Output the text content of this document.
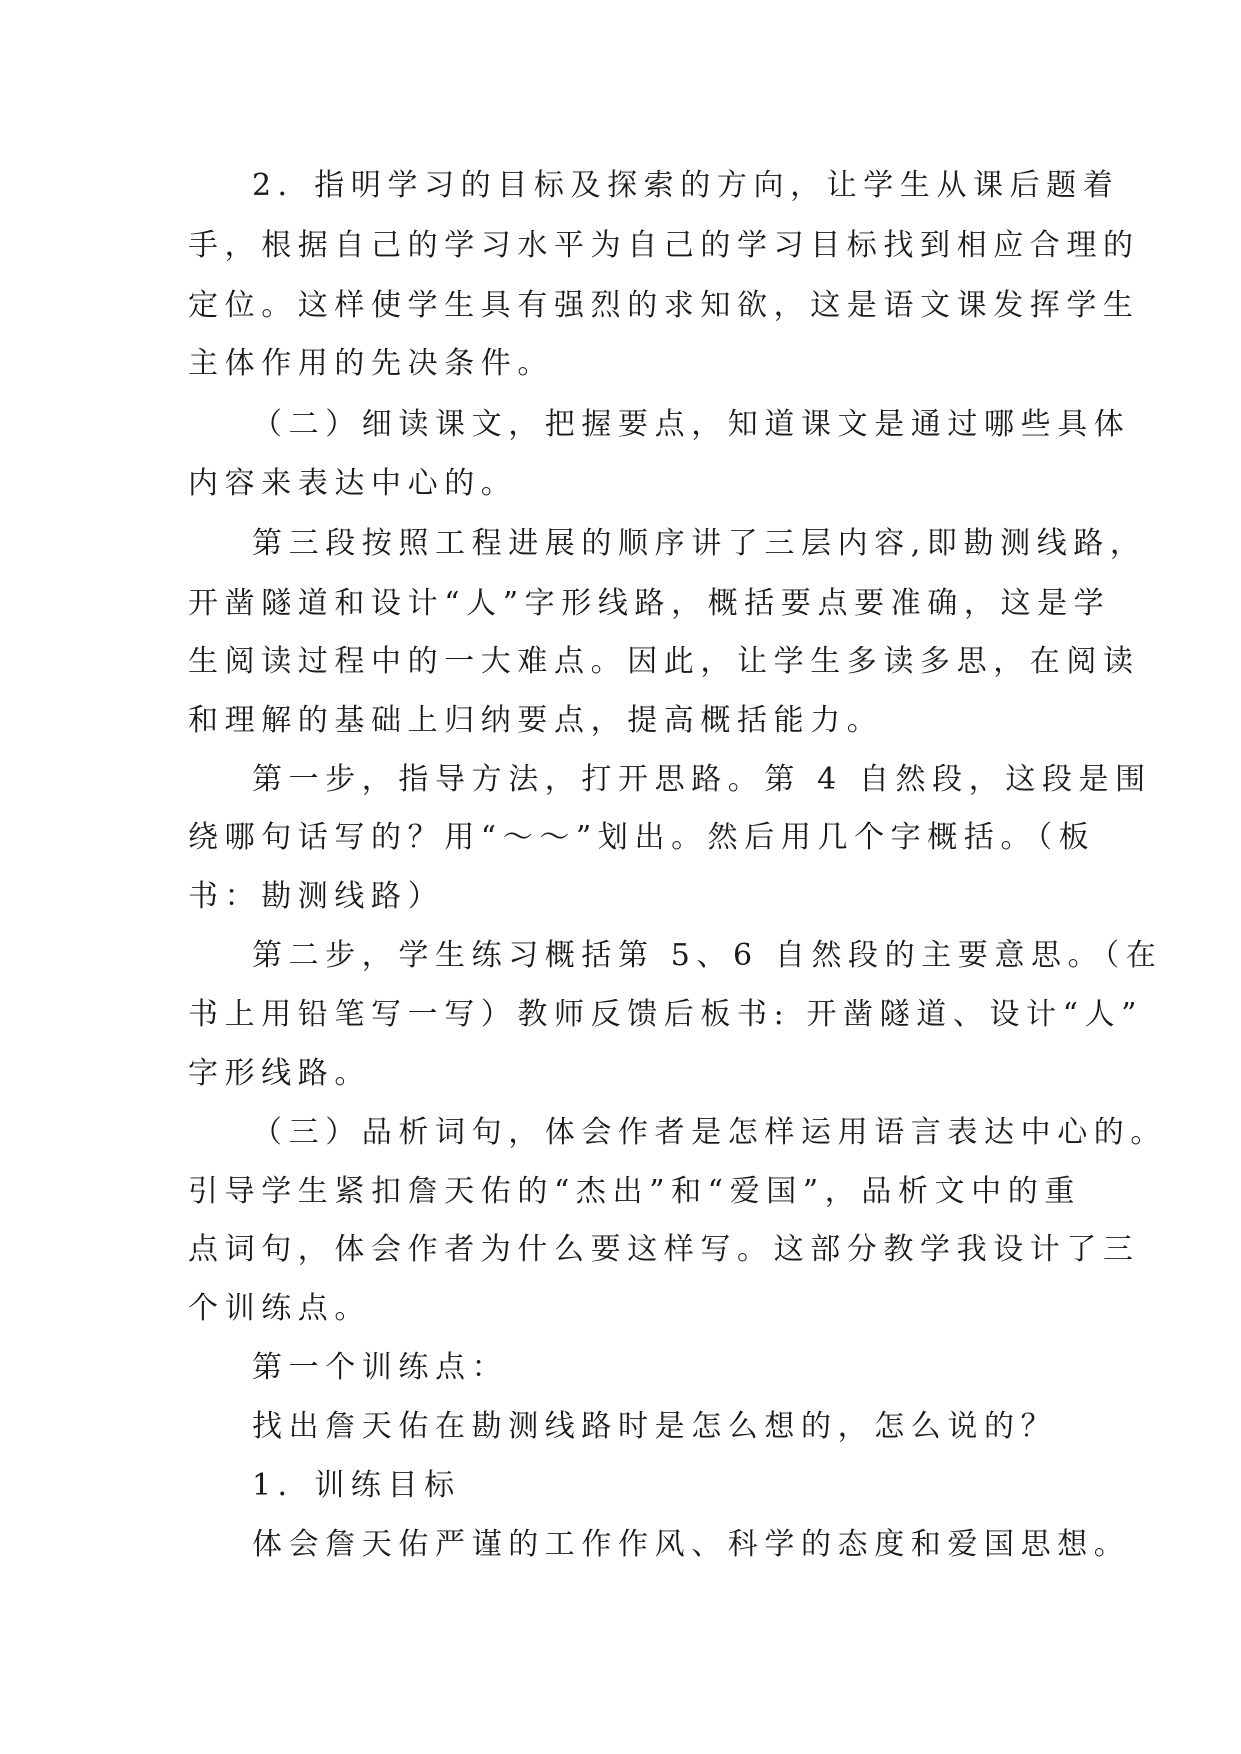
2．指明学习的目标及探索的方向，让学生从课后题着
手，根据自己的学习水平为自己的学习目标找到相应合理的
定位。这样使学生具有强烈的求知欲，这是语文课发挥学生
主体作用的先决条件。
（二）细读课文，把握要点，知道课文是通过哪些具体
内容来表达中心的。
第三段按照工程进展的顺序讲了三层内容,即勘测线路，
开凿隧道和设计“人”字形线路，概括要点要准确，这是学
生阅读过程中的一大难点。因此，让学生多读多思，在阅读
和理解的基础上归纳要点，提高概括能力。
第一步，指导方法，打开思路。第 4 自然段，这段是围
绕哪句话写的？用“～～”划出。然后用几个字概括。（板
书：勘测线路）
第二步，学生练习概括第 5、6 自然段的主要意思。（在
书上用铅笔写一写）教师反馈后板书: 开凿隧道、设计“人”
字形线路。
（三）品析词句，体会作者是怎样运用语言表达中心的。
引导学生紧扣詹天佑的“杰出”和“爱国”，品析文中的重
点词句，体会作者为什么要这样写。这部分教学我设计了三
个训练点。
第一个训练点：
找出詹天佑在勘测线路时是怎么想的，怎么说的？
1．训练目标
体会詹天佑严谨的工作作风、科学的态度和爱国思想。
